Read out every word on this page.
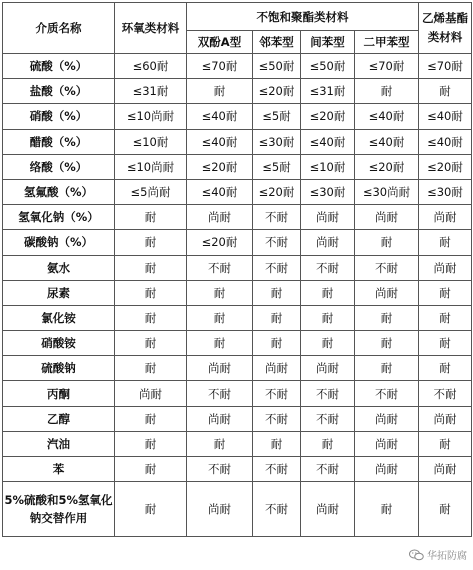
介质名称	环氧类材料	不饱和聚酯类材料				乙烯基酯类材料
		双酚A型	邻苯型	间苯型	二甲苯型	
硫酸（%）	≤60耐	≤70耐	≤50耐	≤50耐	≤70耐	≤70耐
盐酸（%）	≤31耐	耐	≤20耐	≤31耐	耐	耐
硝酸（%）	≤10尚耐	≤40耐	≤5耐	≤20耐	≤40耐	≤40耐
醋酸（%）	≤10耐	≤40耐	≤30耐	≤40耐	≤40耐	≤40耐
络酸（%）	≤10尚耐	≤20耐	≤5耐	≤10耐	≤20耐	≤20耐
氢氟酸（%）	≤5尚耐	≤40耐	≤20耐	≤30耐	≤30尚耐	≤30耐
氢氧化钠（%）	耐	尚耐	不耐	尚耐	尚耐	尚耐
碳酸钠（%）	耐	≤20耐	不耐	尚耐	耐	耐
氨水	耐	不耐	不耐	不耐	不耐	尚耐
尿素	耐	耐	耐	耐	尚耐	耐
氯化铵	耐	耐	耐	耐	耐	耐
硝酸铵	耐	耐	耐	耐	耐	耐
硫酸钠	耐	尚耐	尚耐	尚耐	耐	耐
丙酮	尚耐	不耐	不耐	不耐	不耐	不耐
乙醇	耐	尚耐	不耐	不耐	尚耐	尚耐
汽油	耐	耐	耐	耐	尚耐	耐
苯	耐	不耐	不耐	不耐	尚耐	尚耐
5%硫酸和5%氢氧化钠交替作用	耐	尚耐	不耐	尚耐	耐	耐
华拓防腐
